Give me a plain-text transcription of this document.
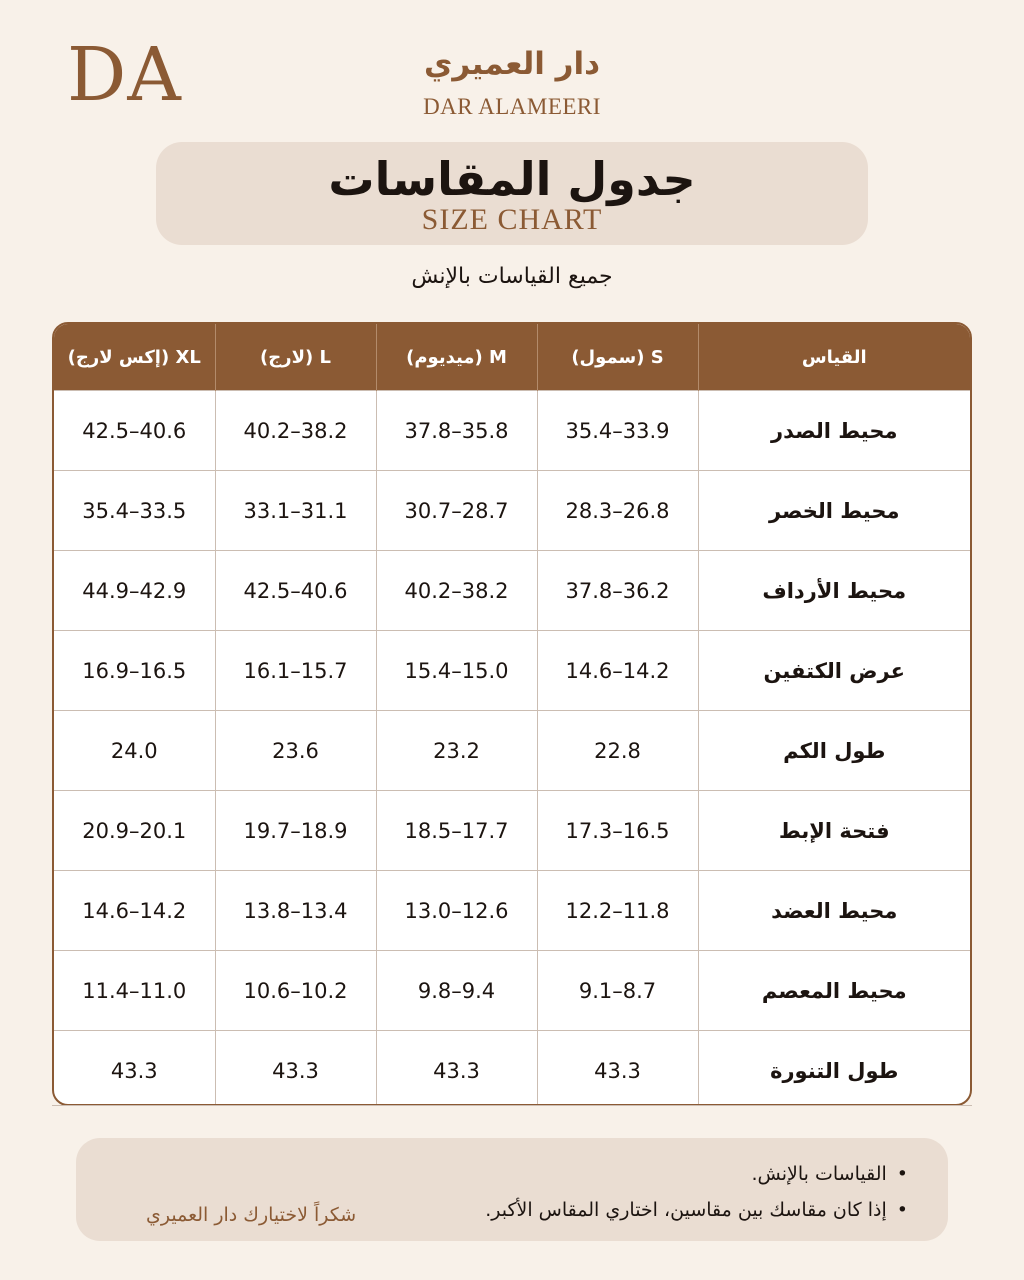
DA	دار العميري
DAR ALAMEERI
جدول المقاسات
SIZE CHART
جميع القياسات بالإنش
القياس	S (سمول)	M (ميديوم)	L (لارج)	XL (إكس لارج)
محيط الصدر	33.9–35.4	35.8–37.8	38.2–40.2	40.6–42.5
محيط الخصر	26.8–28.3	28.7–30.7	31.1–33.1	33.5–35.4
محيط الأرداف	36.2–37.8	38.2–40.2	40.6–42.5	42.9–44.9
عرض الكتفين	14.2–14.6	15.0–15.4	15.7–16.1	16.5–16.9
طول الكم	22.8	23.2	23.6	24.0
فتحة الإبط	16.5–17.3	17.7–18.5	18.9–19.7	20.1–20.9
محيط العضد	11.8–12.2	12.6–13.0	13.4–13.8	14.2–14.6
محيط المعصم	8.7–9.1	9.4–9.8	10.2–10.6	11.0–11.4
طول التنورة	43.3	43.3	43.3	43.3
• القياسات بالإنش.
• إذا كان مقاسك بين مقاسين، اختاري المقاس الأكبر.
شكراً لاختيارك دار العميري
